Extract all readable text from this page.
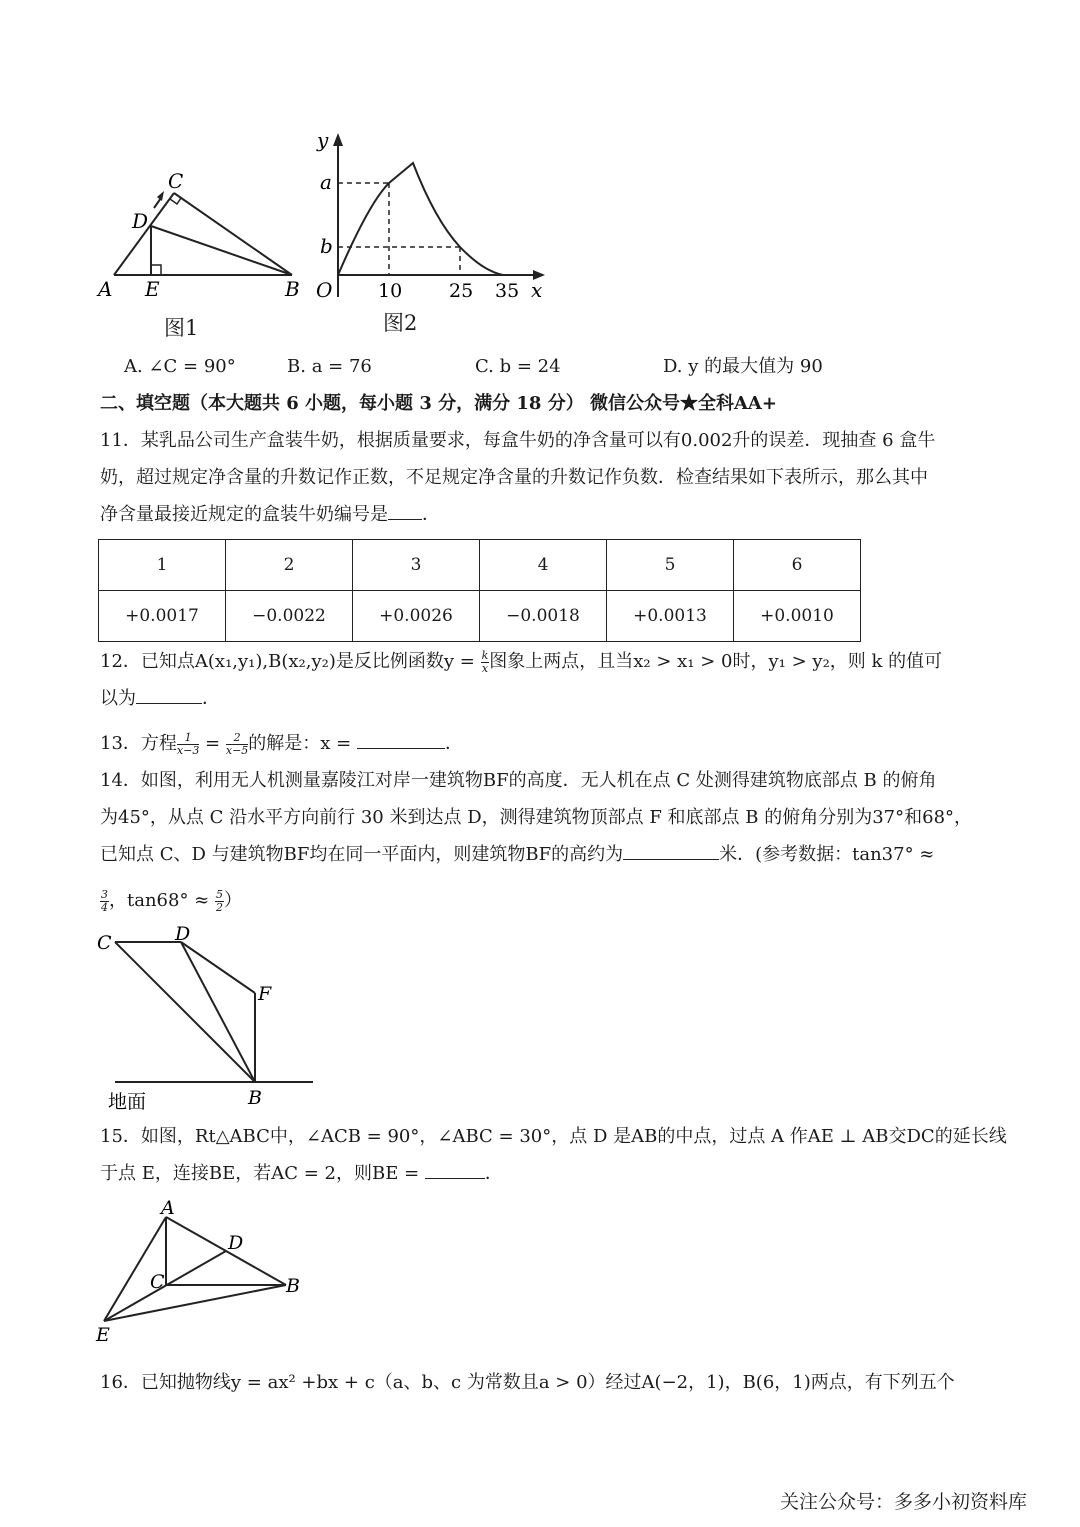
A E	B
C
D
图1
y
x
O
a
b
10 25 35
图2
A. ∠C = 90°	B. a = 76	C. b = 24	D. y 的最大值为 90
二、填空题（本大题共 6 小题，每小题 3 分，满分 18 分） 微信公众号★全科AA+
11．某乳品公司生产盒装牛奶，根据质量要求，每盒牛奶的净含量可以有0.002升的误差．现抽查 6 盒牛
奶，超过规定净含量的升数记作正数，不足规定净含量的升数记作负数．检查结果如下表所示，那么其中
净含量最接近规定的盒装牛奶编号是 ．
1	2	3	4	5	6
+0.0017	−0.0022	+0.0026	−0.0018	+0.0013	+0.0010
12．已知点A(x₁,y₁),B(x₂,y₂)是反比例函数$y = \frac{k}{x}$ 图象上两点，且当x₂ > x₁ > 0时，y₁ > y₂，则 k 的值可
以为	．
13．方程 $\frac{1}{x-3} = \frac{2}{x-5}$ 的解是：x =	．
14．如图，利用无人机测量嘉陵江对岸一建筑物BF的高度．无人机在点 C 处测得建筑物底部点 B 的俯角
为45°，从点 C 沿水平方向前行 30 米到达点 D，测得建筑物顶部点 F 和底部点 B 的俯角分别为37°和68°，
已知点 C、D 与建筑物BF均在同一平面内，则建筑物BF的高约为	米．(参考数据：tan37° ≈
$\frac{3}{4}$ ，$\tan 68^\circ \approx \frac{5}{2}$ ）
C	D
F
B
地面
15．如图，Rt△ABC中，∠ACB = 90°，∠ABC = 30°，点 D 是AB的中点，过点 A 作AE ⊥ AB交DC的延长线
于点 E，连接BE，若AC = 2，则BE =	．
A
D
C	B
E
16．已知抛物线y = ax² +bx + c（a、b、c 为常数且a > 0）经过A(−2，1)，B(6，1)两点，有下列五个
关注公众号：多多小初资料库
